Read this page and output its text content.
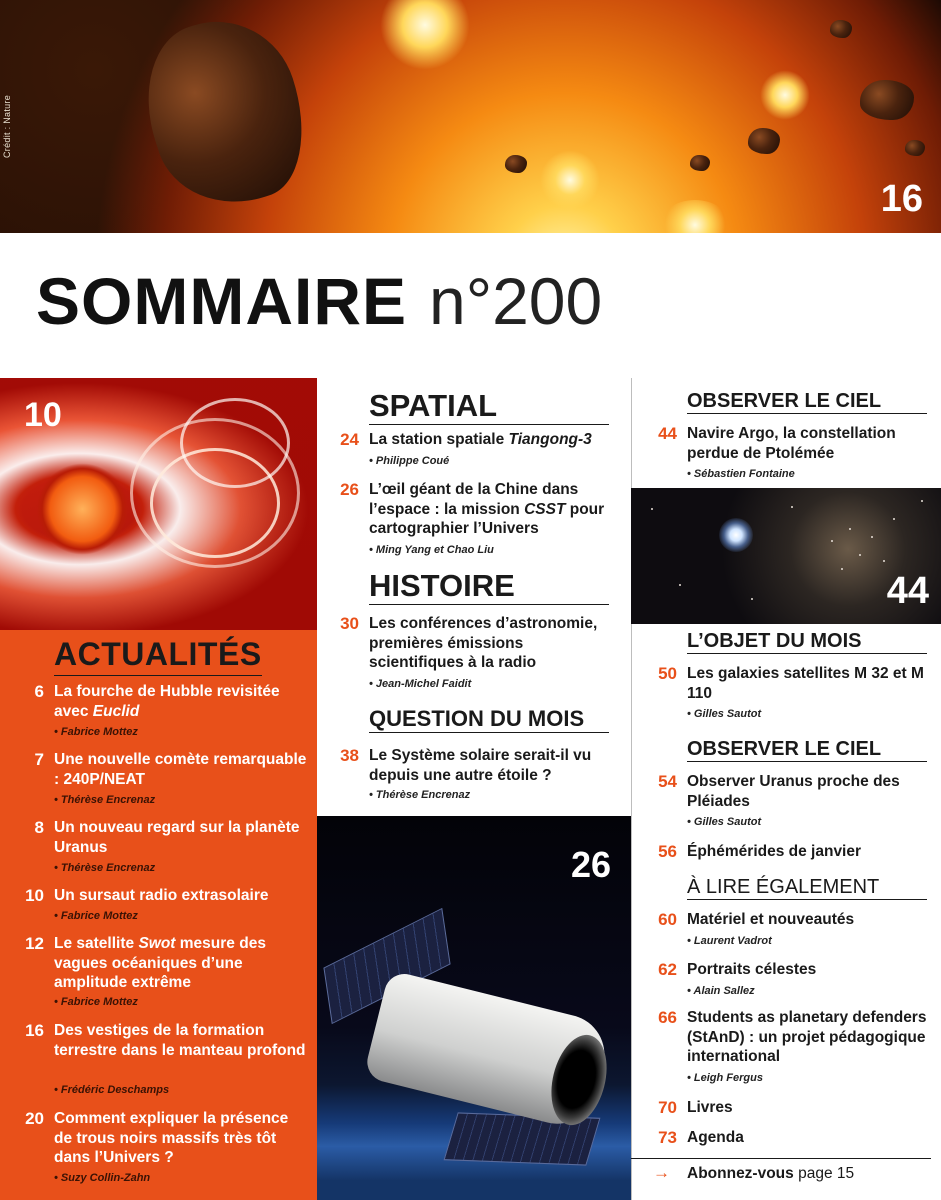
Crédit : Nature
16
SOMMAIRE n°200
10
ACTUALITÉS
6 La fourche de Hubble revisitée avec Euclid
• Fabrice Mottez
7 Une nouvelle comète remarquable : 240P/NEAT
• Thérèse Encrenaz
8 Un nouveau regard sur la planète Uranus
• Thérèse Encrenaz
10 Un sursaut radio extrasolaire
• Fabrice Mottez
12 Le satellite Swot mesure des vagues océaniques d’une amplitude extrême
• Fabrice Mottez
16 Des vestiges de la formation terrestre dans le manteau profond
• Frédéric Deschamps
20 Comment expliquer la présence de trous noirs massifs très tôt dans l’Univers ?
• Suzy Collin-Zahn
SPATIAL
24 La station spatiale Tiangong-3
• Philippe Coué
26 L’œil géant de la Chine dans l’espace : la mission CSST pour cartographier l’Univers
• Ming Yang et Chao Liu
HISTOIRE
30 Les conférences d’astronomie, premières émissions scientifiques à la radio
• Jean-Michel Faidit
QUESTION DU MOIS
38 Le Système solaire serait-il vu depuis une autre étoile ?
• Thérèse Encrenaz
26
OBSERVER LE CIEL
44 Navire Argo, la constellation perdue de Ptolémée
• Sébastien Fontaine
44
L’OBJET DU MOIS
50 Les galaxies satellites M 32 et M 110
• Gilles Sautot
OBSERVER LE CIEL
54 Observer Uranus proche des Pléiades
• Gilles Sautot
56 Éphémérides de janvier
À LIRE ÉGALEMENT
60 Matériel et nouveautés
• Laurent Vadrot
62 Portraits célestes
• Alain Sallez
66 Students as planetary defenders (StAnD) : un projet pédagogique international
• Leigh Fergus
70 Livres
73 Agenda
→ Abonnez-vous page 15
